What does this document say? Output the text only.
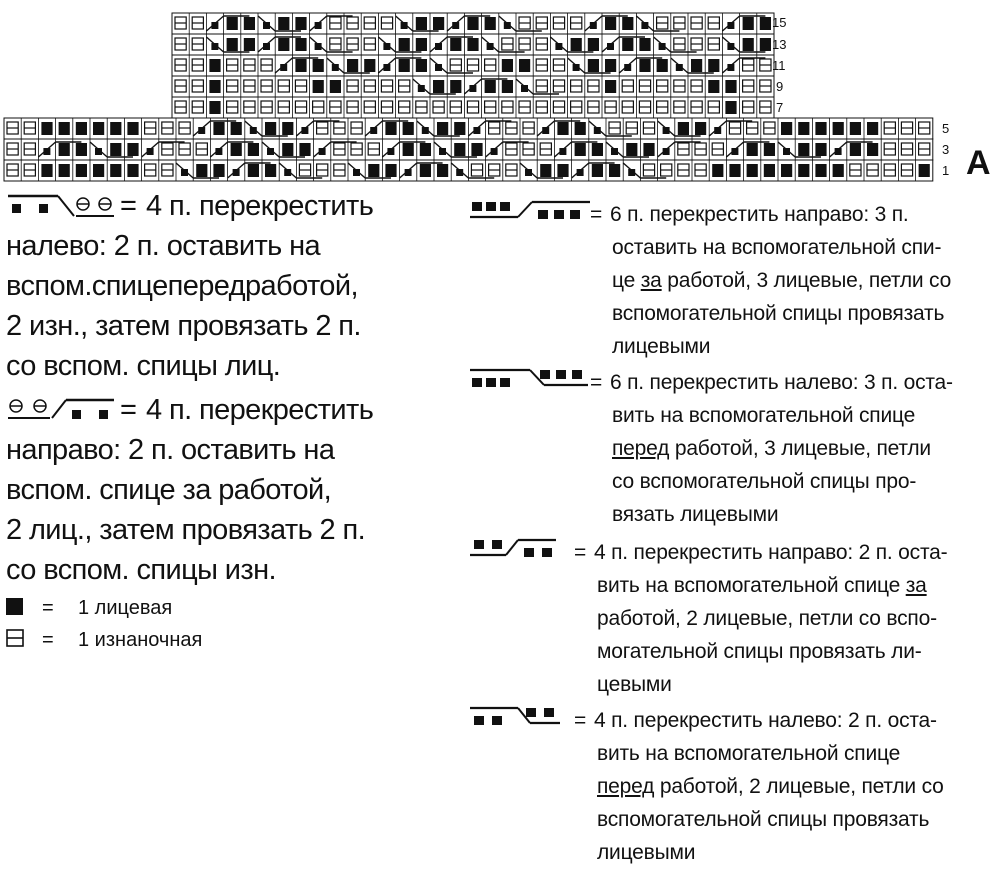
A
15
13
11
9
7
5
3
1
= 4 п. перекрестить
налево: 2 п. оставить на
вспом.спицепередработой,
2 изн., затем провязать 2 п.
со вспом. спицы лиц.
= 4 п. перекрестить
направо: 2 п. оставить на
вспом. спице за работой,
2 лиц., затем провязать 2 п.
со вспом. спицы изн.
= 1 лицевая
= 1 изнаночная
= 6 п. перекрестить направо: 3 п.
оставить на вспомогательной спи-
це за работой, 3 лицевые, петли со
вспомогательной спицы провязать
лицевыми
= 6 п. перекрестить налево: 3 п. оста-
вить на вспомогательной спице
перед работой, 3 лицевые, петли
со вспомогательной спицы про-
вязать лицевыми
= 4 п. перекрестить направо: 2 п. оста-
вить на вспомогательной спице за
работой, 2 лицевые, петли со вспо-
могательной спицы провязать ли-
цевыми
= 4 п. перекрестить налево: 2 п. оста-
вить на вспомогательной спице
перед работой, 2 лицевые, петли со
вспомогательной спицы провязать
лицевыми
